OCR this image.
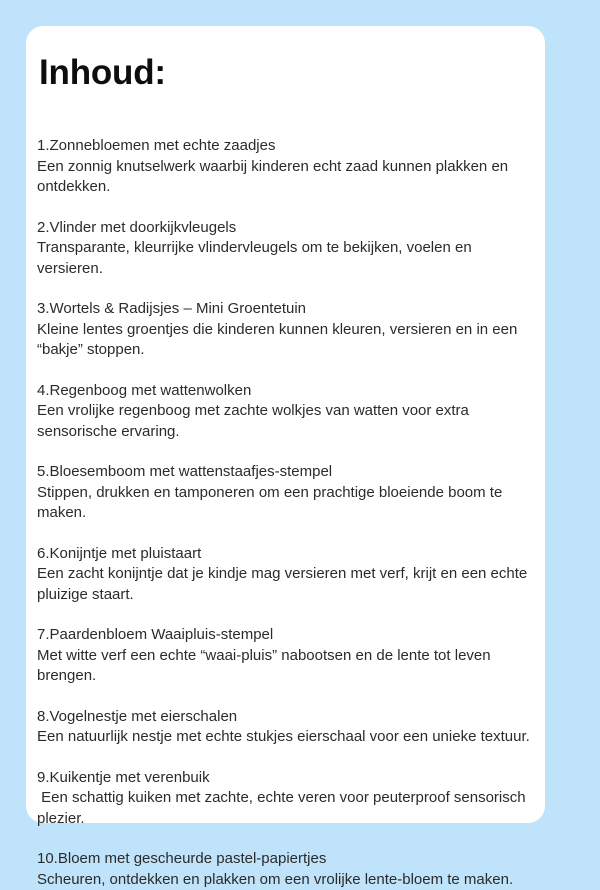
Inhoud:

1.Zonnebloemen met echte zaadjes

Een zonnig knutselwerk waarbij kinderen echt zaad kunnen plakken en ontdekken.

2.Vlinder met doorkijkvleugels

Transparante, kleurrijke vlindervleugels om te bekijken, voelen en versieren.

3.Wortels & Radijsjes – Mini Groentetuin

Kleine lentes groentjes die kinderen kunnen kleuren, versieren en in een “bakje” stoppen.

4.Regenboog met wattenwolken

Een vrolijke regenboog met zachte wolkjes van watten voor extra sensorische ervaring.

5.Bloesemboom met wattenstaafjes-stempel

Stippen, drukken en tamponeren om een prachtige bloeiende boom te maken.

6.Konijntje met pluistaart

Een zacht konijntje dat je kindje mag versieren met verf, krijt en een echte pluizige staart.

7.Paardenbloem Waaipluis-stempel

Met witte verf een echte “waai-pluis” nabootsen en de lente tot leven brengen.

8.Vogelnestje met eierschalen

Een natuurlijk nestje met echte stukjes eierschaal voor een unieke textuur.

9.Kuikentje met verenbuik

Een schattig kuiken met zachte, echte veren voor peuterproof sensorisch plezier.

10.Bloem met gescheurde pastel-papiertjes

Scheuren, ontdekken en plakken om een vrolijke lente-bloem te maken.
